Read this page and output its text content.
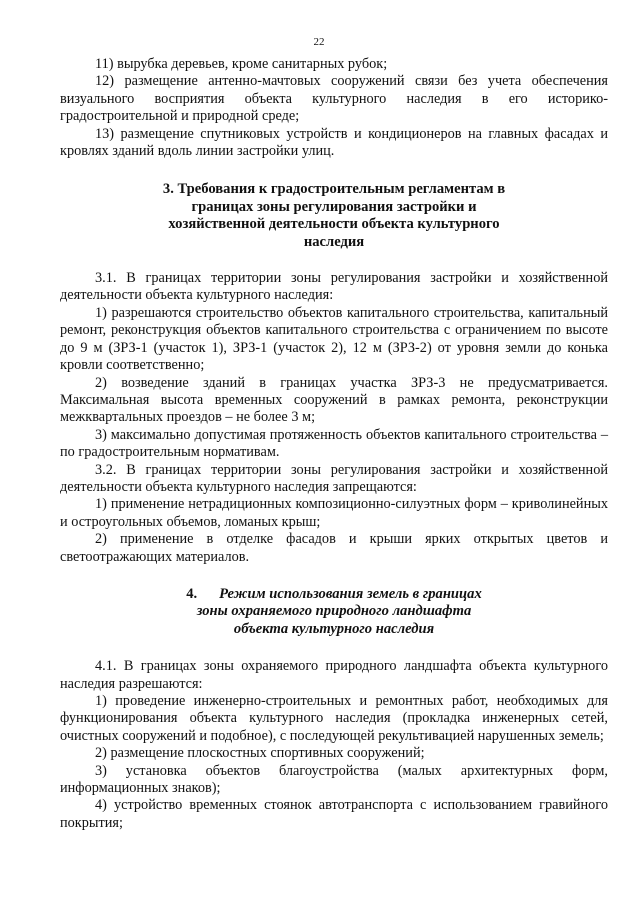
22

11) вырубка деревьев, кроме санитарных рубок;

12) размещение антенно-мачтовых сооружений связи без учета обеспечения визуального восприятия объекта культурного наследия в его историко-градостроительной и природной среде;

13) размещение спутниковых устройств и кондиционеров на главных фасадах и кровлях зданий вдоль линии застройки улиц.

3. Требования к градостроительным регламентам в
границах зоны регулирования застройки и
хозяйственной деятельности объекта культурного
наследия

3.1. В границах территории зоны регулирования застройки и хозяйственной деятельности объекта культурного наследия:

1) разрешаются строительство объектов капитального строительства, капитальный ремонт, реконструкция объектов капитального строительства с ограничением по высоте до 9 м (ЗРЗ-1 (участок 1), ЗРЗ-1 (участок 2), 12 м (ЗРЗ-2) от уровня земли до конька кровли соответственно;

2) возведение зданий в границах участка ЗРЗ-3 не предусматривается. Максимальная высота временных сооружений в рамках ремонта, реконструкции межквартальных проездов – не более 3 м;

3) максимально допустимая протяженность объектов капитального строительства – по градостроительным нормативам.

3.2. В границах территории зоны регулирования застройки и хозяйственной деятельности объекта культурного наследия запрещаются:

1) применение нетрадиционных композиционно-силуэтных форм – криволинейных и остроугольных объемов, ломаных крыш;

2) применение в отделке фасадов и крыши ярких открытых цветов и светоотражающих материалов.

4. Режим использования земель в границах
зоны охраняемого природного ландшафта
объекта культурного наследия

4.1. В границах зоны охраняемого природного ландшафта объекта культурного наследия разрешаются:

1) проведение инженерно-строительных и ремонтных работ, необходимых для функционирования объекта культурного наследия (прокладка инженерных сетей, очистных сооружений и подобное), с последующей рекультивацией нарушенных земель;

2) размещение плоскостных спортивных сооружений;

3) установка объектов благоустройства (малых архитектурных форм, информационных знаков);

4) устройство временных стоянок автотранспорта с использованием гравийного покрытия;
